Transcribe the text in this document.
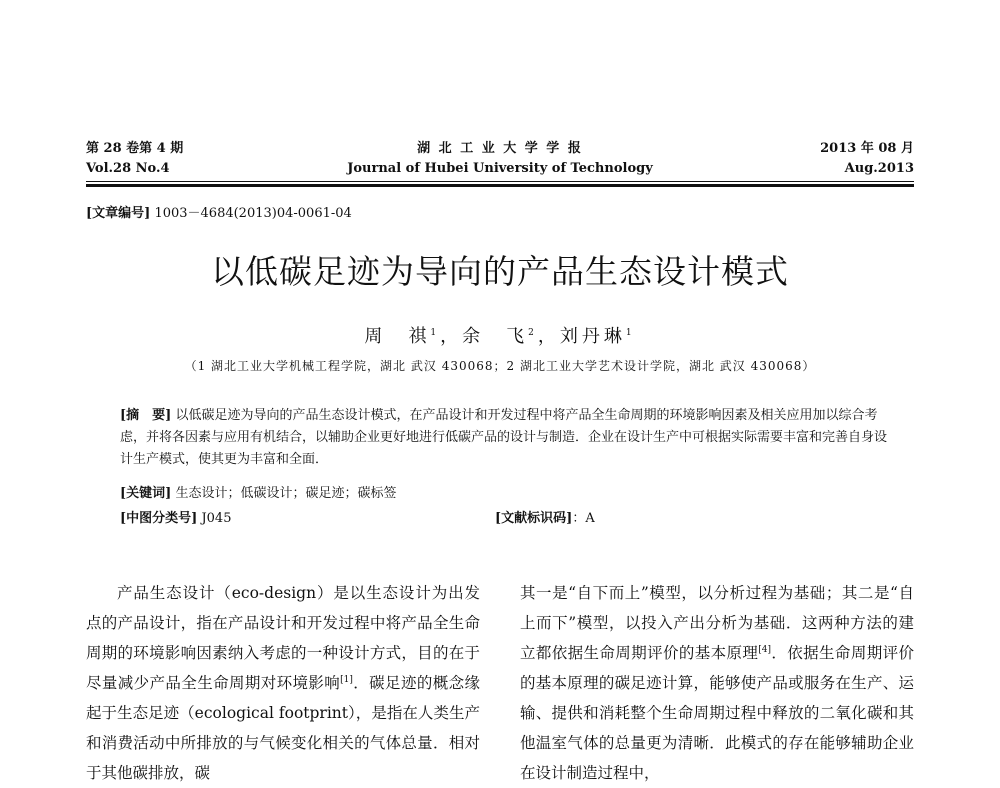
第 28 卷第 4 期
Vol.28 No.4
湖 北 工 业 大 学 学 报
Journal of Hubei University of Technology
2013 年 08 月
Aug.2013
[文章编号] 1003－4684(2013)04-0061-04
以低碳足迹为导向的产品生态设计模式
周　祺$^1$，余　飞$^2$，刘丹琳$^1$
（1 湖北工业大学机械工程学院，湖北 武汉 430068；2 湖北工业大学艺术设计学院，湖北 武汉 430068）
[摘　要] 以低碳足迹为导向的产品生态设计模式，在产品设计和开发过程中将产品全生命周期的环境影响因素及相关应用加以综合考虑，并将各因素与应用有机结合，以辅助企业更好地进行低碳产品的设计与制造．企业在设计生产中可根据实际需要丰富和完善自身设计生产模式，使其更为丰富和全面．
[关键词] 生态设计；低碳设计；碳足迹；碳标签
[中图分类号] J045	[文献标识码]：A

产品生态设计（eco-design）是以生态设计为出发点的产品设计，指在产品设计和开发过程中将产品全生命周期的环境影响因素纳入考虑的一种设计方式，目的在于尽量减少产品全生命周期对环境影响[1]．碳足迹的概念缘起于生态足迹（ecological footprint），是指在人类生产和消费活动中所排放的与气候变化相关的气体总量．相对于其他碳排放，碳

其一是“自下而上”模型，以分析过程为基础；其二是“自上而下”模型，以投入产出分析为基础．这两种方法的建立都依据生命周期评价的基本原理[4]．依据生命周期评价的基本原理的碳足迹计算，能够使产品或服务在生产、运输、提供和消耗整个生命周期过程中释放的二氧化碳和其他温室气体的总量更为清晰．此模式的存在能够辅助企业在设计制造过程中，
